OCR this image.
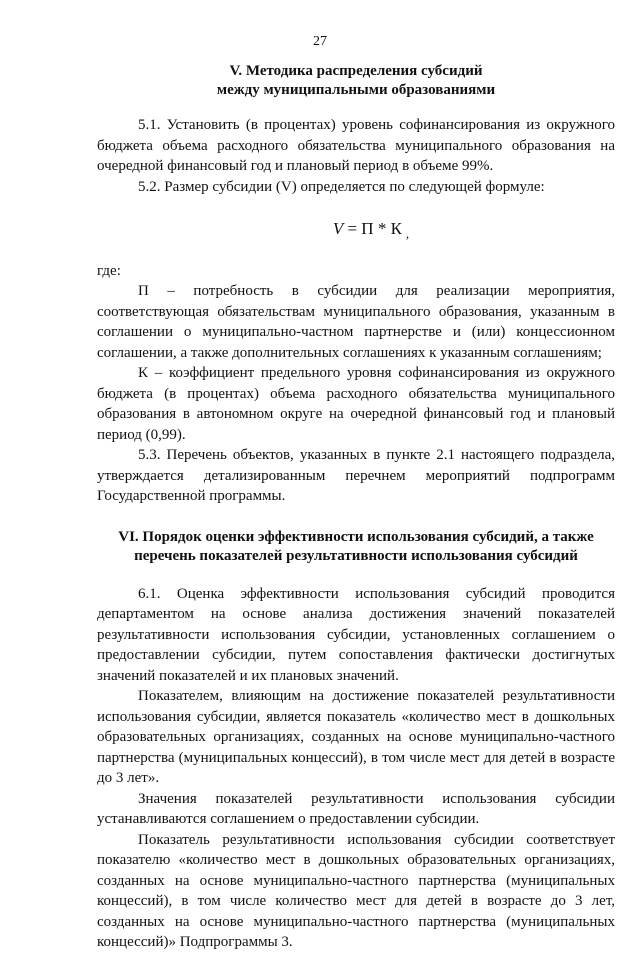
27

V. Методика распределения субсидий

между муниципальными образованиями

5.1. Установить (в процентах) уровень софинансирования из окружного бюджета объема расходного обязательства муниципального образования на очередной финансовый год и плановый период в объеме 99%.

5.2. Размер субсидии (V) определяется по следующей формуле:

V = П * К $_,$

где:

П – потребность в субсидии для реализации мероприятия, соответствующая обязательствам муниципального образования, указанным в соглашении о муниципально-частном партнерстве и (или) концессионном соглашении, а также дополнительных соглашениях к указанным соглашениям;

К – коэффициент предельного уровня софинансирования из окружного бюджета (в процентах) объема расходного обязательства муниципального образования в автономном округе на очередной финансовый год и плановый период (0,99).

5.3. Перечень объектов, указанных в пункте 2.1 настоящего подраздела, утверждается детализированным перечнем мероприятий подпрограмм Государственной программы.

VI. Порядок оценки эффективности использования субсидий, а также

перечень показателей результативности использования субсидий

6.1. Оценка эффективности использования субсидий проводится департаментом на основе анализа достижения значений показателей результативности использования субсидии, установленных соглашением о предоставлении субсидии, путем сопоставления фактически достигнутых значений показателей и их плановых значений.

Показателем, влияющим на достижение показателей результативности использования субсидии, является показатель «количество мест в дошкольных образовательных организациях, созданных на основе муниципально-частного партнерства (муниципальных концессий), в том числе мест для детей в возрасте до 3 лет».

Значения показателей результативности использования субсидии устанавливаются соглашением о предоставлении субсидии.

Показатель результативности использования субсидии соответствует показателю «количество мест в дошкольных образовательных организациях, созданных на основе муниципально-частного партнерства (муниципальных концессий), в том числе количество мест для детей в возрасте до 3 лет, созданных на основе муниципально-частного партнерства (муниципальных концессий)» Подпрограммы 3.
